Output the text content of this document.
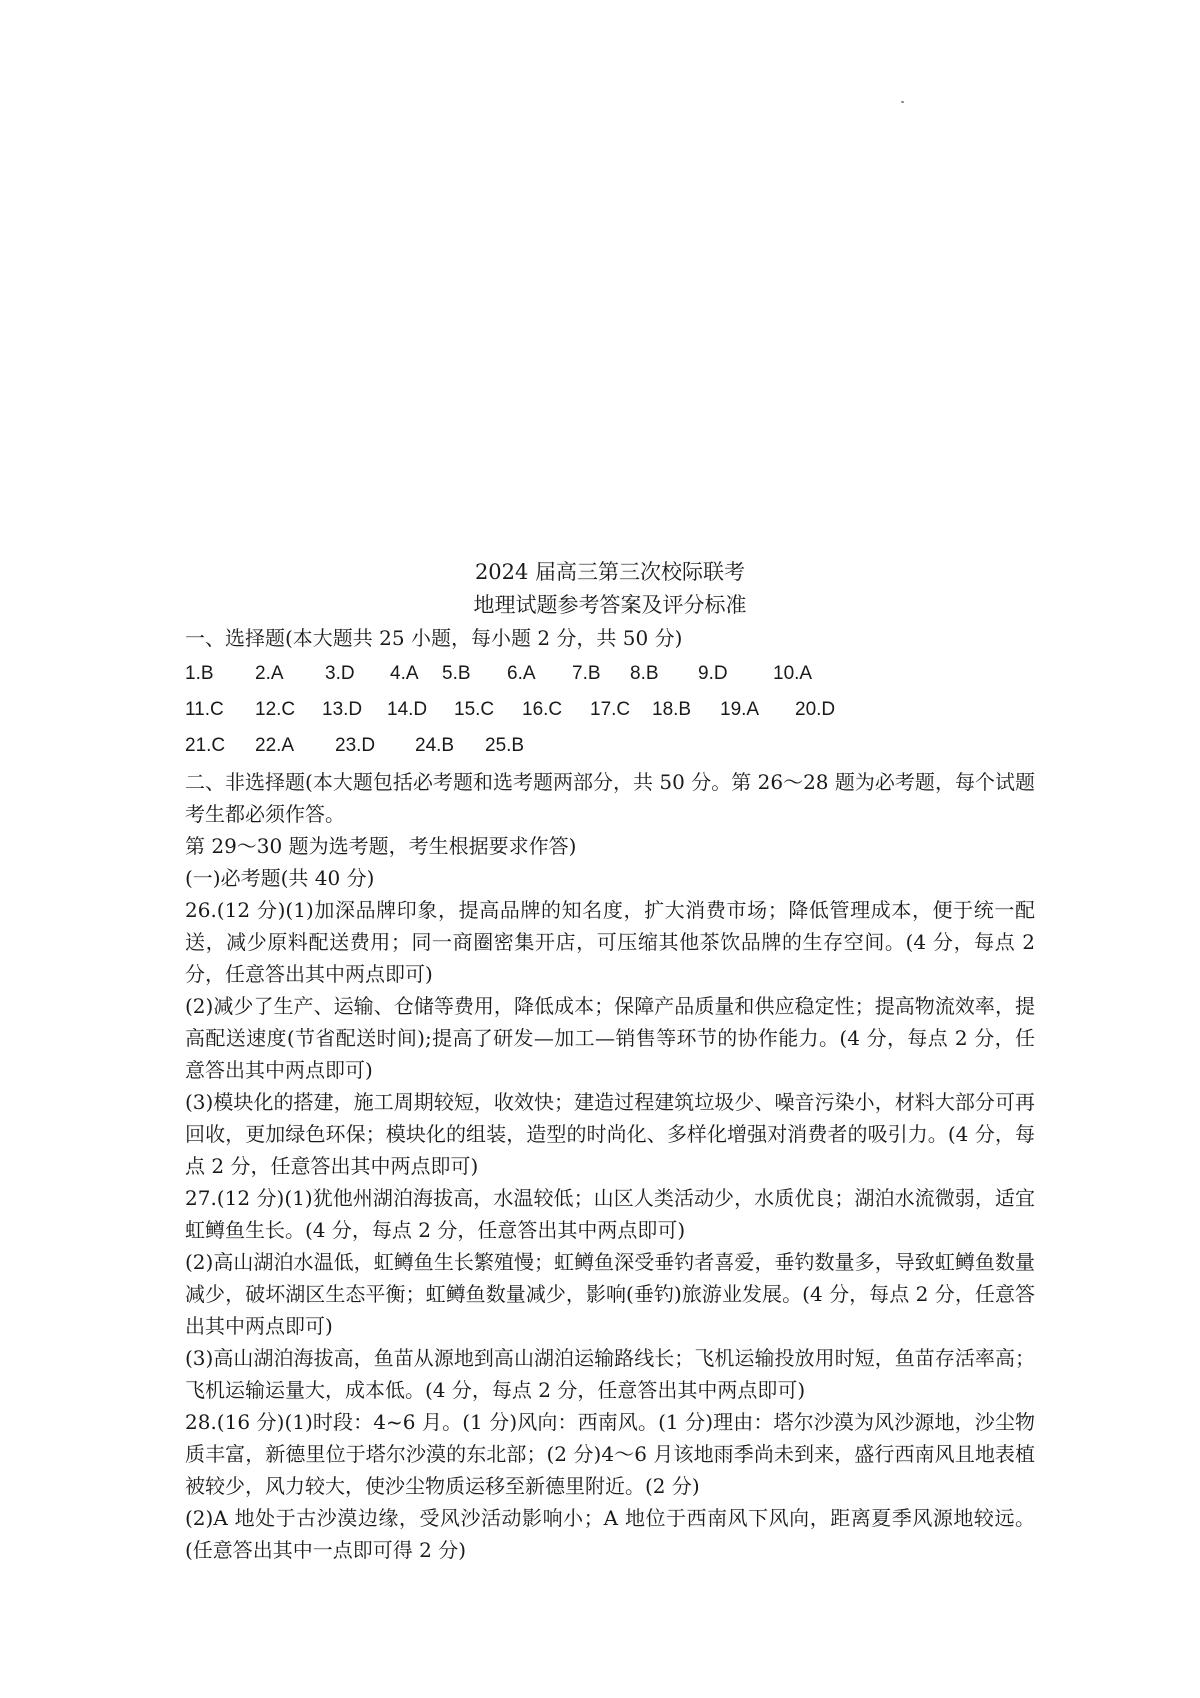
2024 届高三第三次校际联考

地理试题参考答案及评分标准

一、选择题(本大题共 25 小题，每小题 2 分，共 50 分)

1.B	2.A	3.D	4.A	5.B	6.A	7.B	8.B	9.D	10.A
11.C	12.C	13.D	14.D	15.C	16.C	17.C	18.B	19.A	20.D
21.C	22.A	23.D	24.B	25.B

二、非选择题(本大题包括必考题和选考题两部分，共 50 分。第 26～28 题为必考题，每个试题考生都必须作答。

第 29～30 题为选考题，考生根据要求作答)

(一)必考题(共 40 分)

26.(12 分)(1)加深品牌印象，提高品牌的知名度，扩大消费市场；降低管理成本，便于统一配送，减少原料配送费用；同一商圈密集开店，可压缩其他茶饮品牌的生存空间。(4 分，每点 2 分，任意答出其中两点即可)

(2)减少了生产、运输、仓储等费用，降低成本；保障产品质量和供应稳定性；提高物流效率，提高配送速度(节省配送时间);提高了研发—加工—销售等环节的协作能力。(4 分，每点 2 分，任意答出其中两点即可)

(3)模块化的搭建，施工周期较短，收效快；建造过程建筑垃圾少、噪音污染小，材料大部分可再回收，更加绿色环保；模块化的组装，造型的时尚化、多样化增强对消费者的吸引力。(4 分，每点 2 分，任意答出其中两点即可)

27.(12 分)(1)犹他州湖泊海拔高，水温较低；山区人类活动少，水质优良；湖泊水流微弱，适宜虹鳟鱼生长。(4 分，每点 2 分，任意答出其中两点即可)

(2)高山湖泊水温低，虹鳟鱼生长繁殖慢；虹鳟鱼深受垂钓者喜爱，垂钓数量多，导致虹鳟鱼数量减少，破坏湖区生态平衡；虹鳟鱼数量减少，影响(垂钓)旅游业发展。(4 分，每点 2 分，任意答出其中两点即可)

(3)高山湖泊海拔高，鱼苗从源地到高山湖泊运输路线长；飞机运输投放用时短，鱼苗存活率高；飞机运输运量大，成本低。(4 分，每点 2 分，任意答出其中两点即可)

28.(16 分)(1)时段：4~6 月。(1 分)风向：西南风。(1 分)理由：塔尔沙漠为风沙源地，沙尘物质丰富，新德里位于塔尔沙漠的东北部；(2 分)4～6 月该地雨季尚未到来，盛行西南风且地表植被较少，风力较大，使沙尘物质运移至新德里附近。(2 分)

(2)A 地处于古沙漠边缘，受风沙活动影响小；A 地位于西南风下风向，距离夏季风源地较远。(任意答出其中一点即可得 2 分)
